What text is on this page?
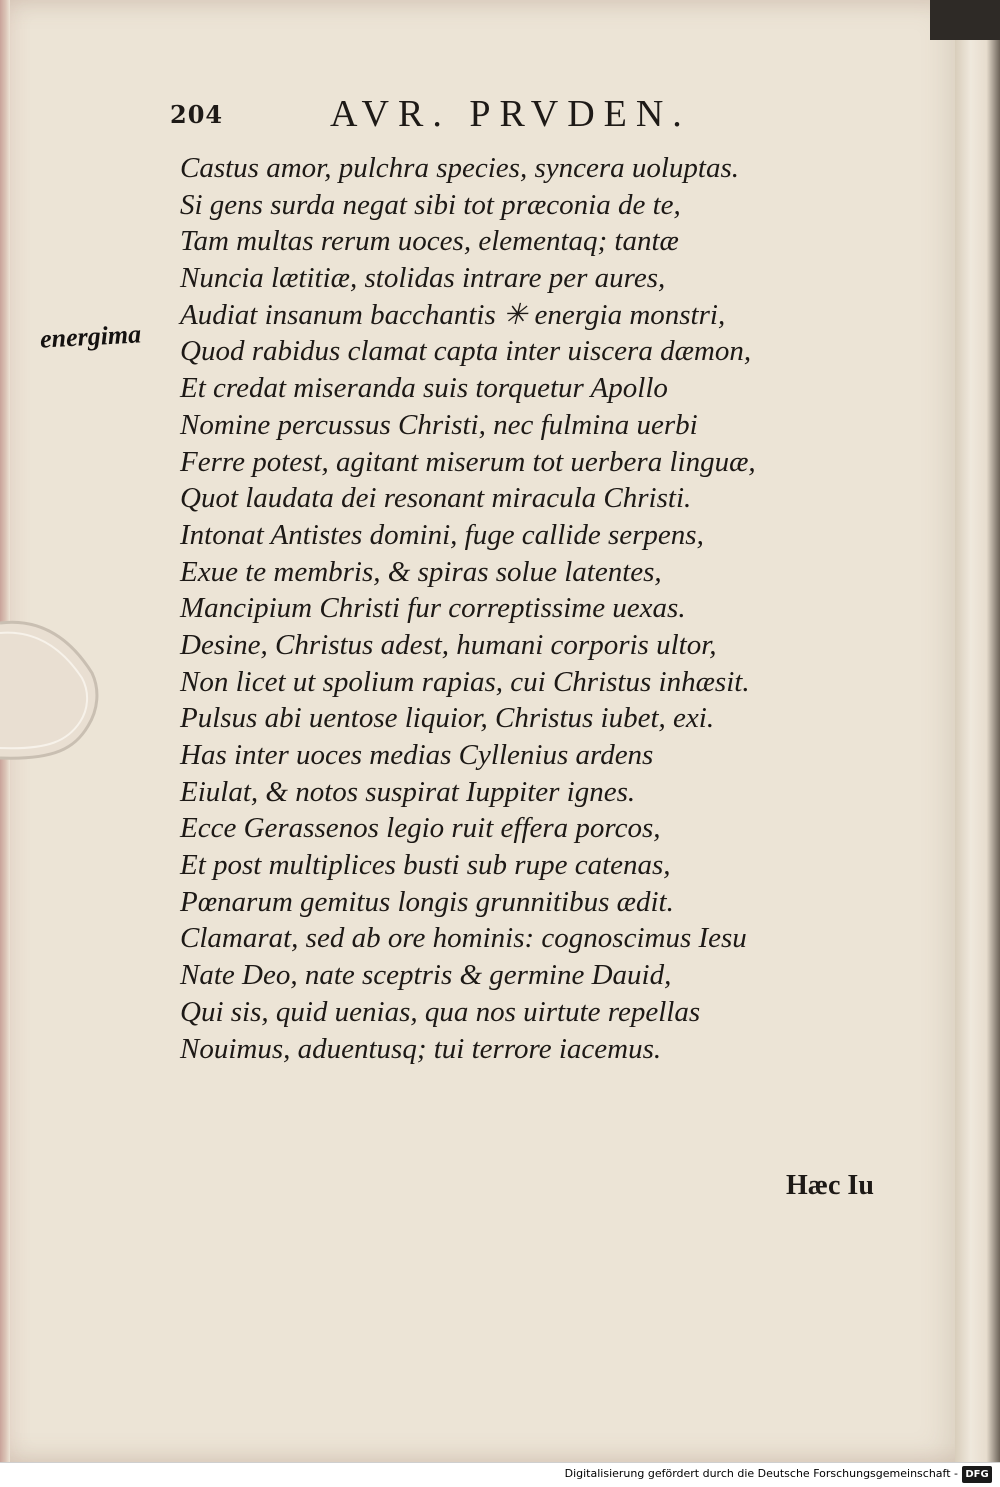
204	AVR. PRVDEN.
energima
Castus amor, pulchra species, syncera uoluptas.
Si gens surda negat sibi tot præconia de te,
Tam multas rerum uoces, elementaq; tantæ
Nuncia lætitiæ, stolidas intrare per aures,
Audiat insanum bacchantis ✳ energia monstri,
Quod rabidus clamat capta inter uiscera dæmon,
Et credat miseranda suis torquetur Apollo
Nomine percussus Christi, nec fulmina uerbi
Ferre potest, agitant miserum tot uerbera linguæ,
Quot laudata dei resonant miracula Christi.
Intonat Antistes domini, fuge callide serpens,
Exue te membris, & spiras solue latentes,
Mancipium Christi fur correptissime uexas.
Desine, Christus adest, humani corporis ultor,
Non licet ut spolium rapias, cui Christus inhæsit.
Pulsus abi uentose liquior, Christus iubet, exi.
Has inter uoces medias Cyllenius ardens
Eiulat, & notos suspirat Iuppiter ignes.
Ecce Gerassenos legio ruit effera porcos,
Et post multiplices busti sub rupe catenas,
Pœnarum gemitus longis grunnitibus ædit.
Clamarat, sed ab ore hominis: cognoscimus Iesu
Nate Deo, nate sceptris & germine Dauid,
Qui sis, quid uenias, qua nos uirtute repellas
Nouimus, aduentusq; tui terrore iacemus.
Hæc Iu
Digitalisierung gefördert durch die Deutsche Forschungsgemeinschaft - DFG
